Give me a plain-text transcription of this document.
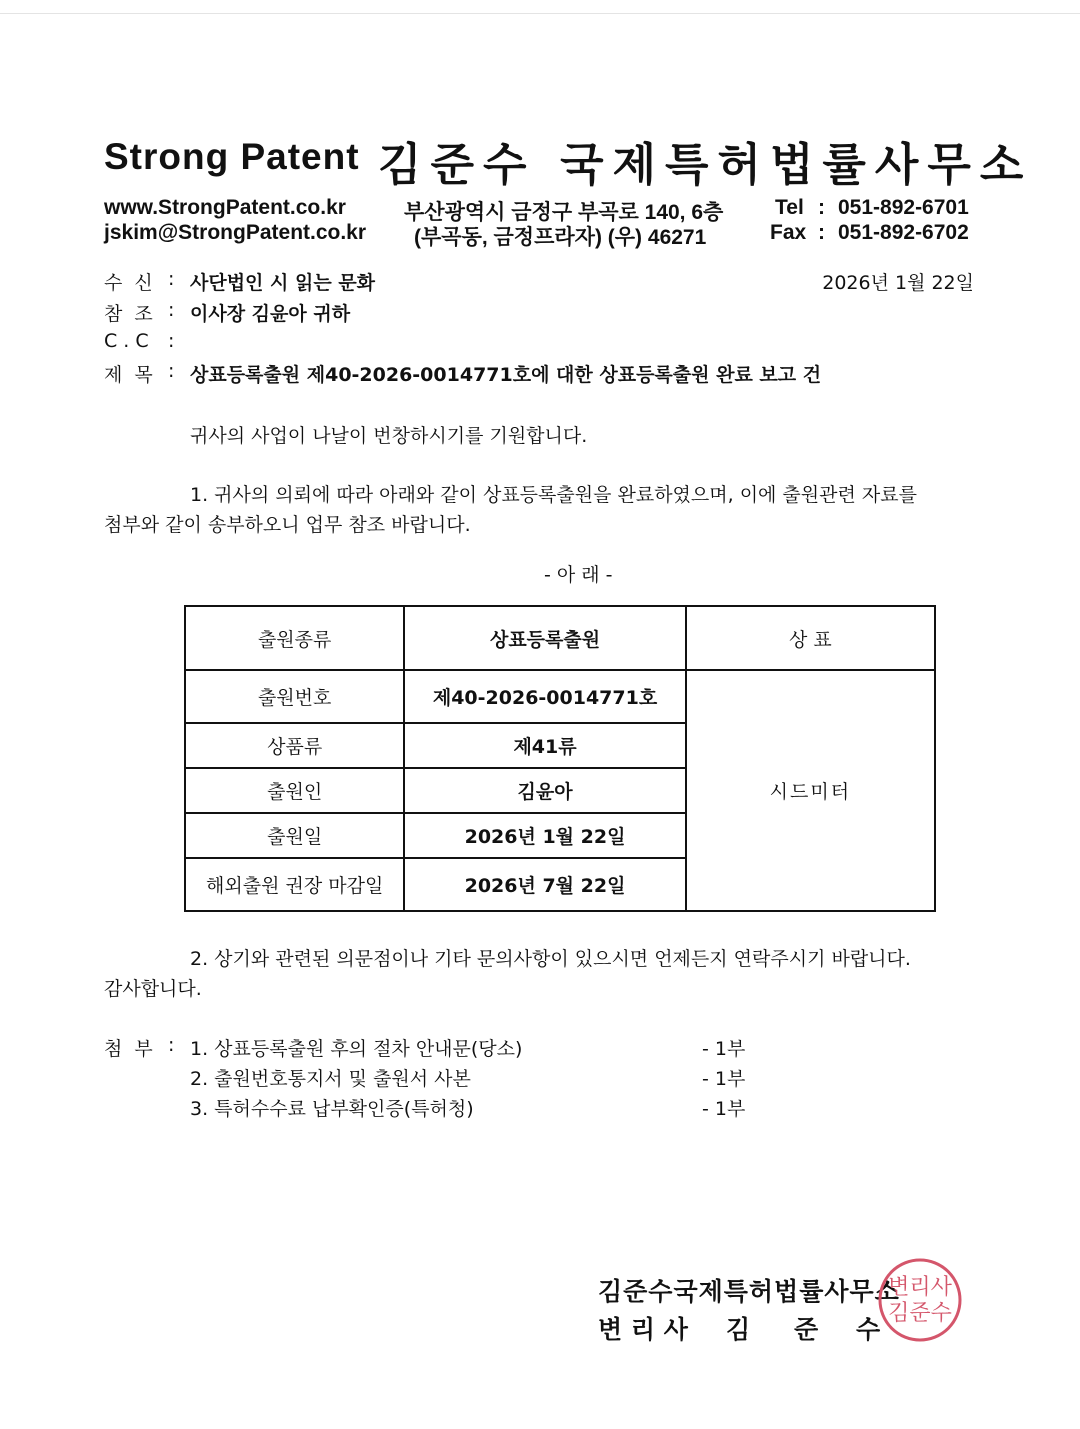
Strong Patent 김준수 국제특허법률사무소
www.StrongPatent.co.kr
jskim@StrongPatent.co.kr
부산광역시 금정구 부곡로 140, 6층
(부곡동, 금정프라자) (우) 46271
Tel : 051-892-6701
Fax : 051-892-6702
수  신 : 사단법인 시 읽는 문화	2026년 1월 22일
참  조 : 이사장 김윤아 귀하
C . C :
제  목 : 상표등록출원 제40-2026-0014771호에 대한 상표등록출원 완료 보고 건
귀사의 사업이 나날이 번창하시기를 기원합니다.
1. 귀사의 의뢰에 따라 아래와 같이 상표등록출원을 완료하였으며, 이에 출원관련 자료를
첨부와 같이 송부하오니 업무 참조 바랍니다.
- 아 래 -
출원종류	상표등록출원	상 표
출원번호	제40-2026-0014771호	시드미터
상품류	제41류	
출원인	김윤아	
출원일	2026년 1월 22일	
해외출원 권장 마감일	2026년 7월 22일	
2. 상기와 관련된 의문점이나 기타 문의사항이 있으시면 언제든지 연락주시기 바랍니다.
감사합니다.
첨  부 : 1. 상표등록출원 후의 절차 안내문(당소)	- 1부
2. 출원번호통지서 및 출원서 사본	- 1부
3. 특허수수료 납부확인증(특허청)	- 1부
김준수국제특허법률사무소
변 리 사 김 준 수
변리사
김준수
